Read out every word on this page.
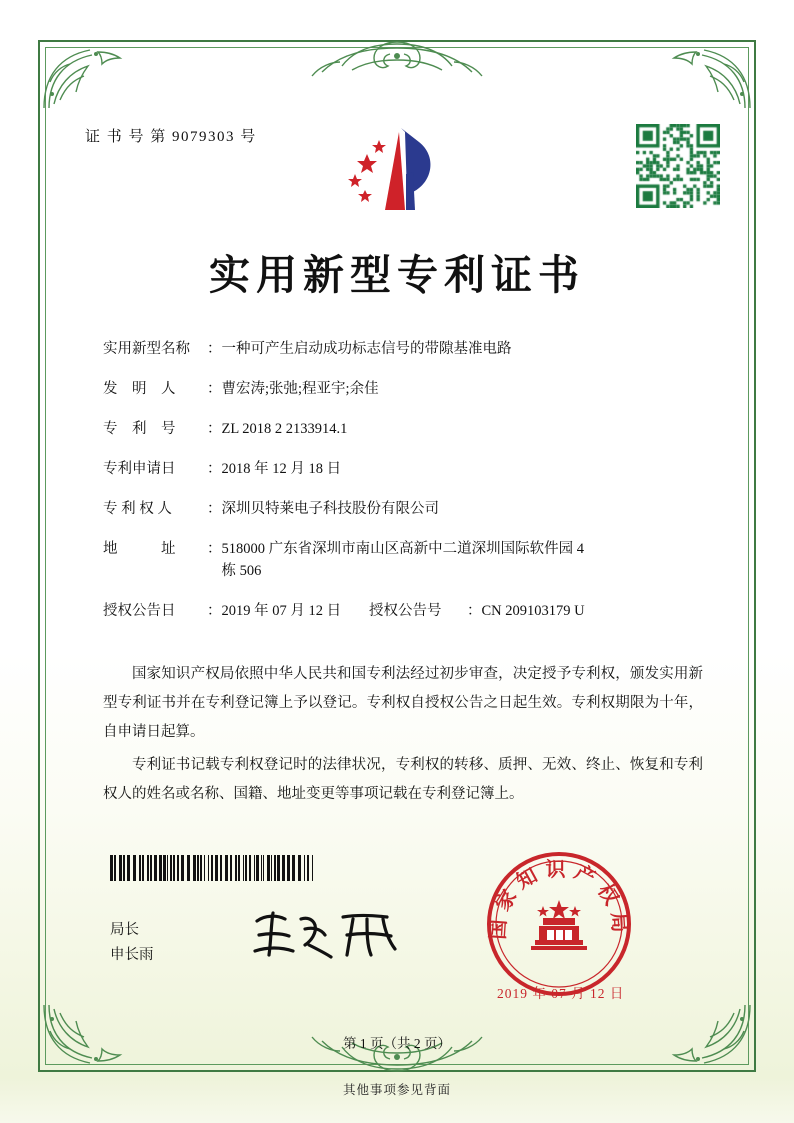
证 书 号 第 9079303 号
实用新型专利证书
实用新型名称	： 一种可产生启动成功标志信号的带隙基准电路
发　明　人	： 曹宏涛;张弛;程亚宇;余佳
专　利　号	： ZL 2018 2 2133914.1
专利申请日	： 2018 年 12 月 18 日
专 利 权 人	： 深圳贝特莱电子科技股份有限公司
地　　　址	： 518000 广东省深圳市南山区高新中二道深圳国际软件园 4
栋 506
授权公告日	： 2019 年 07 月 12 日 授权公告号	： CN 209103179 U

国家知识产权局依照中华人民共和国专利法经过初步审查，决定授予专利权，颁发实用新型专利证书并在专利登记簿上予以登记。专利权自授权公告之日起生效。专利权期限为十年，自申请日起算。

专利证书记载专利权登记时的法律状况，专利权的转移、质押、无效、终止、恢复和专利权人的姓名或名称、国籍、地址变更等事项记载在专利登记簿上。

局长
申长雨
国家知识产权局
2019 年 07 月 12 日
第 1 页（共 2 页）
其他事项参见背面
